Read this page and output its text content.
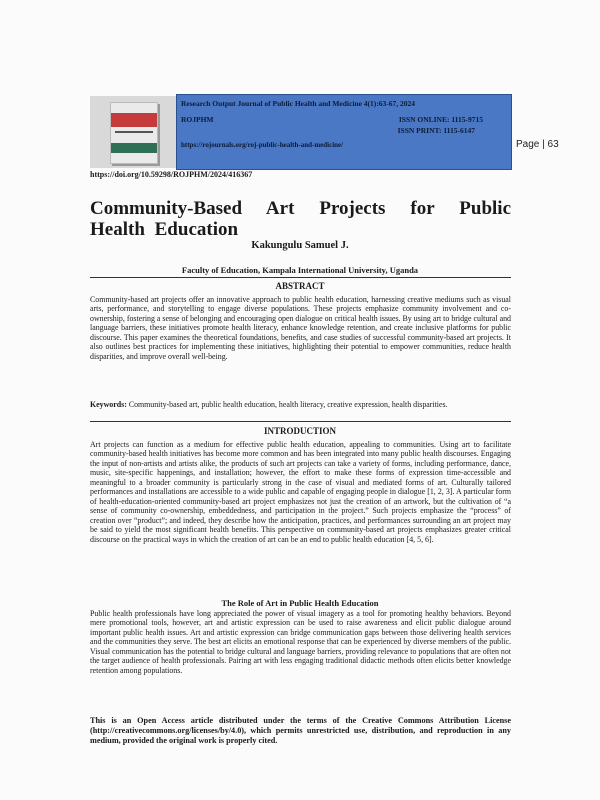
Research Output Journal of Public Health and Medicine 4(1):63-67, 2024
ROJPHM	ISSN ONLINE: 1115-9715
ISSN PRINT: 1115-6147
https://rojournals.org/roj-public-health-and-medicine/	Page | 63
https://doi.org/10.59298/ROJPHM/2024/416367
Community-Based Art Projects for Public Health Education
Kakungulu Samuel J.
Faculty of Education, Kampala International University, Uganda
ABSTRACT
Community-based art projects offer an innovative approach to public health education, harnessing creative mediums such as visual arts, performance, and storytelling to engage diverse populations. These projects emphasize community involvement and co-ownership, fostering a sense of belonging and encouraging open dialogue on critical health issues. By using art to bridge cultural and language barriers, these initiatives promote health literacy, enhance knowledge retention, and create inclusive platforms for public discourse. This paper examines the theoretical foundations, benefits, and case studies of successful community-based art projects. It also outlines best practices for implementing these initiatives, highlighting their potential to empower communities, reduce health disparities, and improve overall well-being.
Keywords: Community-based art, public health education, health literacy, creative expression, health disparities.
INTRODUCTION
Art projects can function as a medium for effective public health education, appealing to communities. Using art to facilitate community-based health initiatives has become more common and has been integrated into many public health discourses. Engaging the input of non-artists and artists alike, the products of such art projects can take a variety of forms, including performance, dance, music, site-specific happenings, and installation; however, the effort to make these forms of expression time-accessible and meaningful to a broader community is particularly strong in the case of visual and mediated forms of art. Culturally tailored performances and installations are accessible to a wide public and capable of engaging people in dialogue [1, 2, 3]. A particular form of health-education-oriented community-based art project emphasizes not just the creation of an artwork, but the cultivation of “a sense of community co-ownership, embeddedness, and participation in the project.” Such projects emphasize the “process” of creation over “product”; and indeed, they describe how the anticipation, practices, and performances surrounding an art project may be said to yield the most significant health benefits. This perspective on community-based art projects emphasizes greater critical discourse on the practical ways in which the creation of art can be an end to public health education [4, 5, 6].
The Role of Art in Public Health Education
Public health professionals have long appreciated the power of visual imagery as a tool for promoting healthy behaviors. Beyond mere promotional tools, however, art and artistic expression can be used to raise awareness and elicit public dialogue around important public health issues. Art and artistic expression can bridge communication gaps between those delivering health services and the communities they serve. The best art elicits an emotional response that can be experienced by diverse members of the public. Visual communication has the potential to bridge cultural and language barriers, providing relevance to populations that are often not the target audience of health professionals. Pairing art with less engaging traditional didactic methods often elicits better knowledge retention among populations.
This is an Open Access article distributed under the terms of the Creative Commons Attribution License (http://creativecommons.org/licenses/by/4.0), which permits unrestricted use, distribution, and reproduction in any medium, provided the original work is properly cited.
